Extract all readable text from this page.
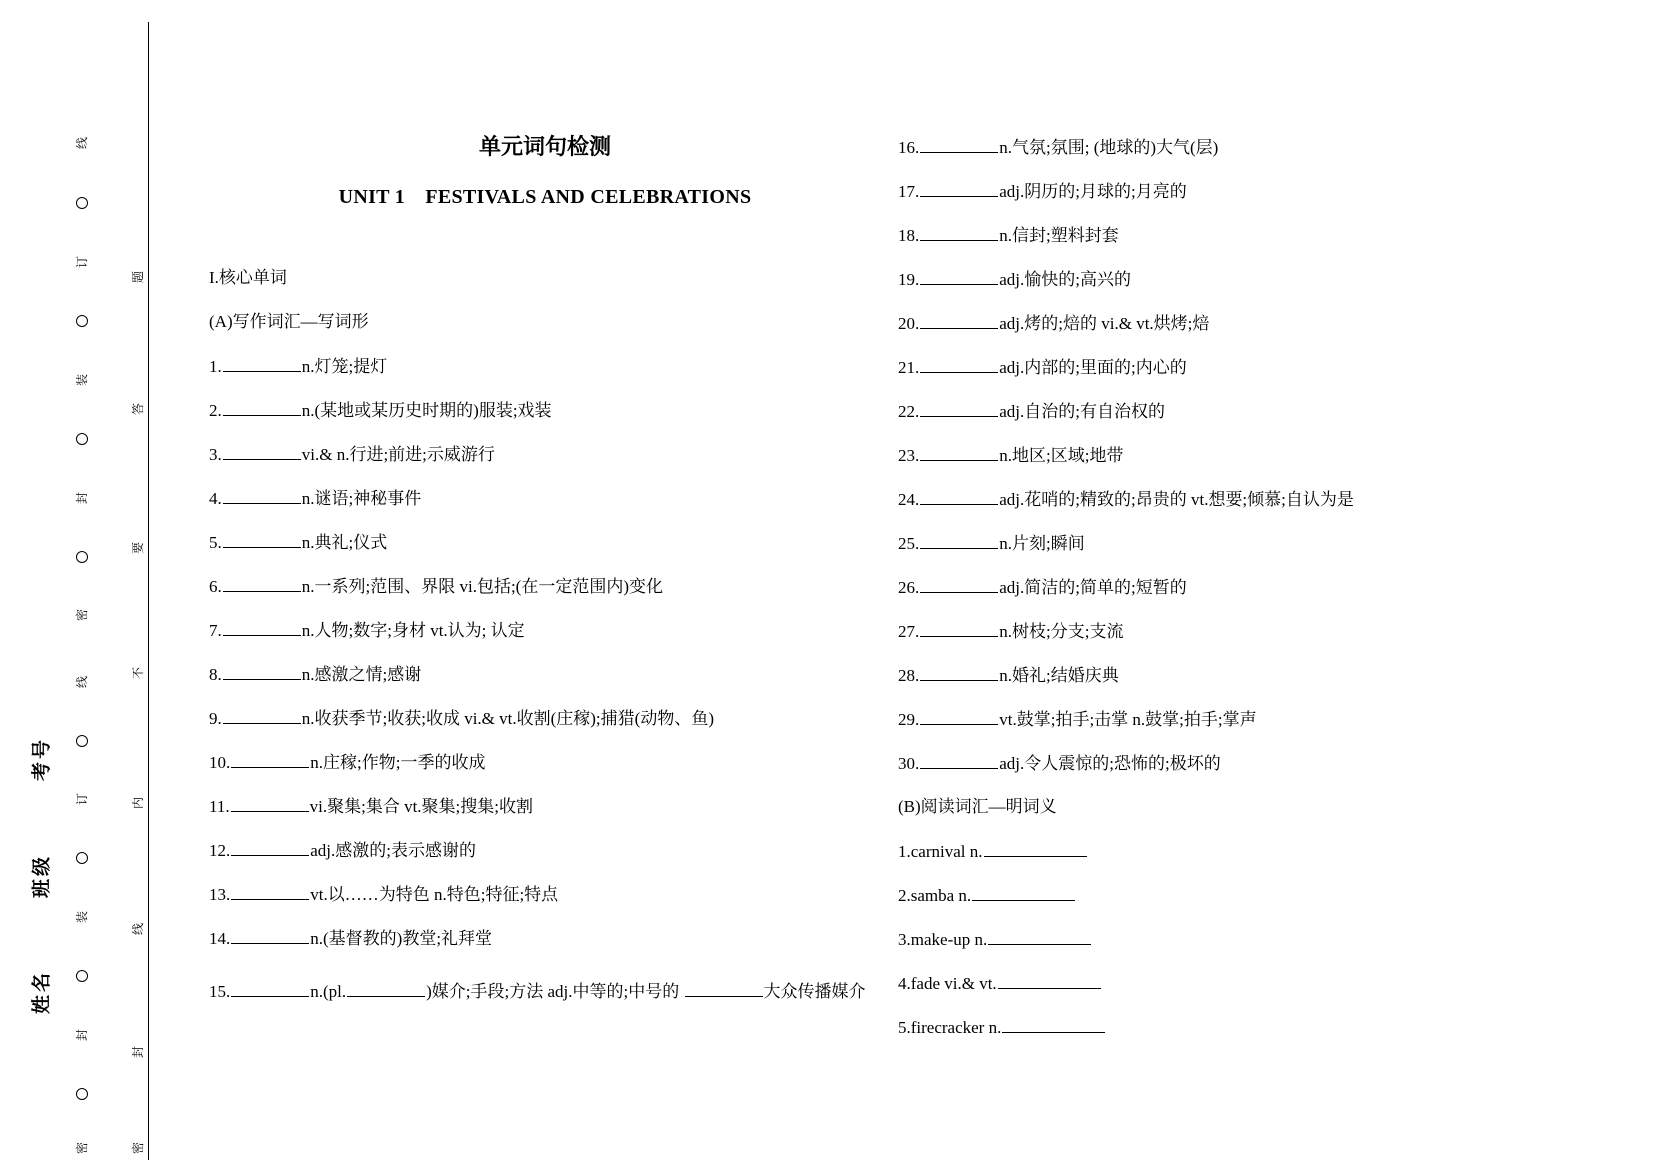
线
订
装
封
密
线
订
装
封
密
题
答
要
不
内
线
封
密
考号
班级
姓名
单元词句检测
UNIT 1　FESTIVALS AND CELEBRATIONS
I.核心单词
(A)写作词汇—写词形
1.	n.灯笼;提灯
2.	n.(某地或某历史时期的)服装;戏装
3.	vi.& n.行进;前进;示威游行
4.	n.谜语;神秘事件
5.	n.典礼;仪式
6.	n.一系列;范围、界限 vi.包括;(在一定范围内)变化
7.	n.人物;数字;身材 vt.认为; 认定
8.	n.感激之情;感谢
9.	n.收获季节;收获;收成 vi.& vt.收割(庄稼);捕猎(动物、鱼)
10.	n.庄稼;作物;一季的收成
11.	vi.聚集;集合 vt.聚集;搜集;收割
12.	adj.感激的;表示感谢的
13.	vt.以……为特色 n.特色;特征;特点
14.	n.(基督教的)教堂;礼拜堂
15.	n.(pl.	)媒介;手段;方法 adj.中等的;中号的	大众传播媒介
16.	n.气氛;氛围; (地球的)大气(层)
17.	adj.阴历的;月球的;月亮的
18.	n.信封;塑料封套
19.	adj.愉快的;高兴的
20.	adj.烤的;焙的 vi.& vt.烘烤;焙
21.	adj.内部的;里面的;内心的
22.	adj.自治的;有自治权的
23.	n.地区;区域;地带
24.	adj.花哨的;精致的;昂贵的 vt.想要;倾慕;自认为是
25.	n.片刻;瞬间
26.	adj.简洁的;简单的;短暂的
27.	n.树枝;分支;支流
28.	n.婚礼;结婚庆典
29.	vt.鼓掌;拍手;击掌 n.鼓掌;拍手;掌声
30.	adj.令人震惊的;恐怖的;极坏的
(B)阅读词汇—明词义
1.carnival n.
2.samba n.
3.make-up n.
4.fade vi.& vt.
5.firecracker n.
